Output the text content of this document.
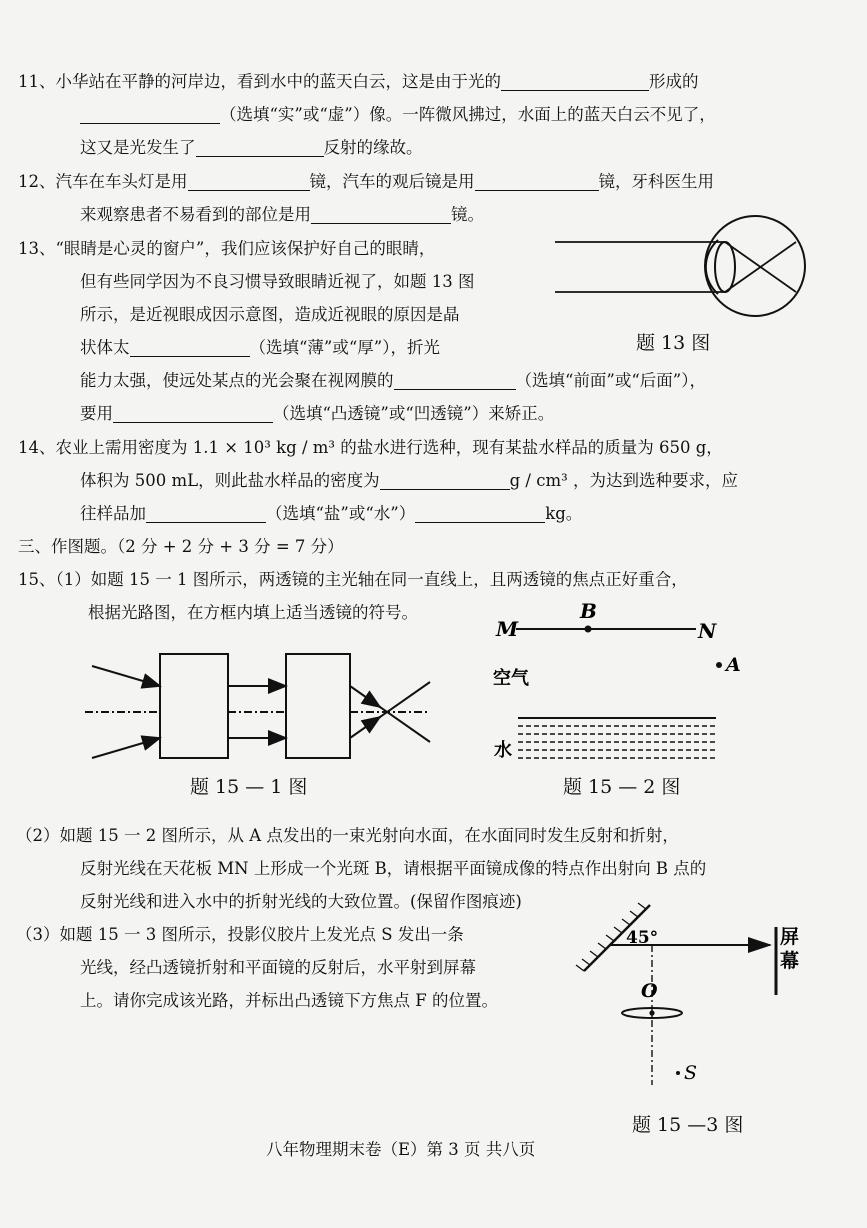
11、小华站在平静的河岸边，看到水中的蓝天白云，这是由于光的	形成的
（选填“实”或“虚”）像。一阵微风拂过，水面上的蓝天白云不见了，
这又是光发生了	反射的缘故。
12、汽车在车头灯是用	镜，汽车的观后镜是用	镜，牙科医生用
来观察患者不易看到的部位是用	镜。
13、“眼睛是心灵的窗户”，我们应该保护好自己的眼睛，
但有些同学因为不良习惯导致眼睛近视了，如题 13 图
所示，是近视眼成因示意图，造成近视眼的原因是晶
状体太	（选填“薄”或“厚”），折光
能力太强，使远处某点的光会聚在视网膜的	（选填“前面”或“后面”），
要用	（选填“凸透镜”或“凹透镜”）来矫正。
题 13 图
14、农业上需用密度为 1.1 × 10³ kg / m³ 的盐水进行选种，现有某盐水样品的质量为 650 g，
体积为 500 mL，则此盐水样品的密度为	g / cm³ ，为达到选种要求，应
往样品加	（选填“盐”或“水”）	kg。
三、作图题。（2 分 + 2 分 + 3 分 = 7 分）
15、（1）如题 15 一 1 图所示，两透镜的主光轴在同一直线上，且两透镜的焦点正好重合，
根据光路图，在方框内填上适当透镜的符号。
题 15 — 1 图
M	N
B
A
空气
水
题 15 — 2 图
（2）如题 15 一 2 图所示，从 A 点发出的一束光射向水面，在水面同时发生反射和折射，
反射光线在天花板 MN 上形成一个光斑 B，请根据平面镜成像的特点作出射向 B 点的
反射光线和进入水中的折射光线的大致位置。(保留作图痕迹)
（3）如题 15 一 3 图所示，投影仪胶片上发光点 S 发出一条
光线，经凸透镜折射和平面镜的反射后，水平射到屏幕
上。请你完成该光路，并标出凸透镜下方焦点 F 的位置。
45°
O
S
屏
幕
题 15 —3 图
八年物理期末卷（E）第 3 页 共八页
